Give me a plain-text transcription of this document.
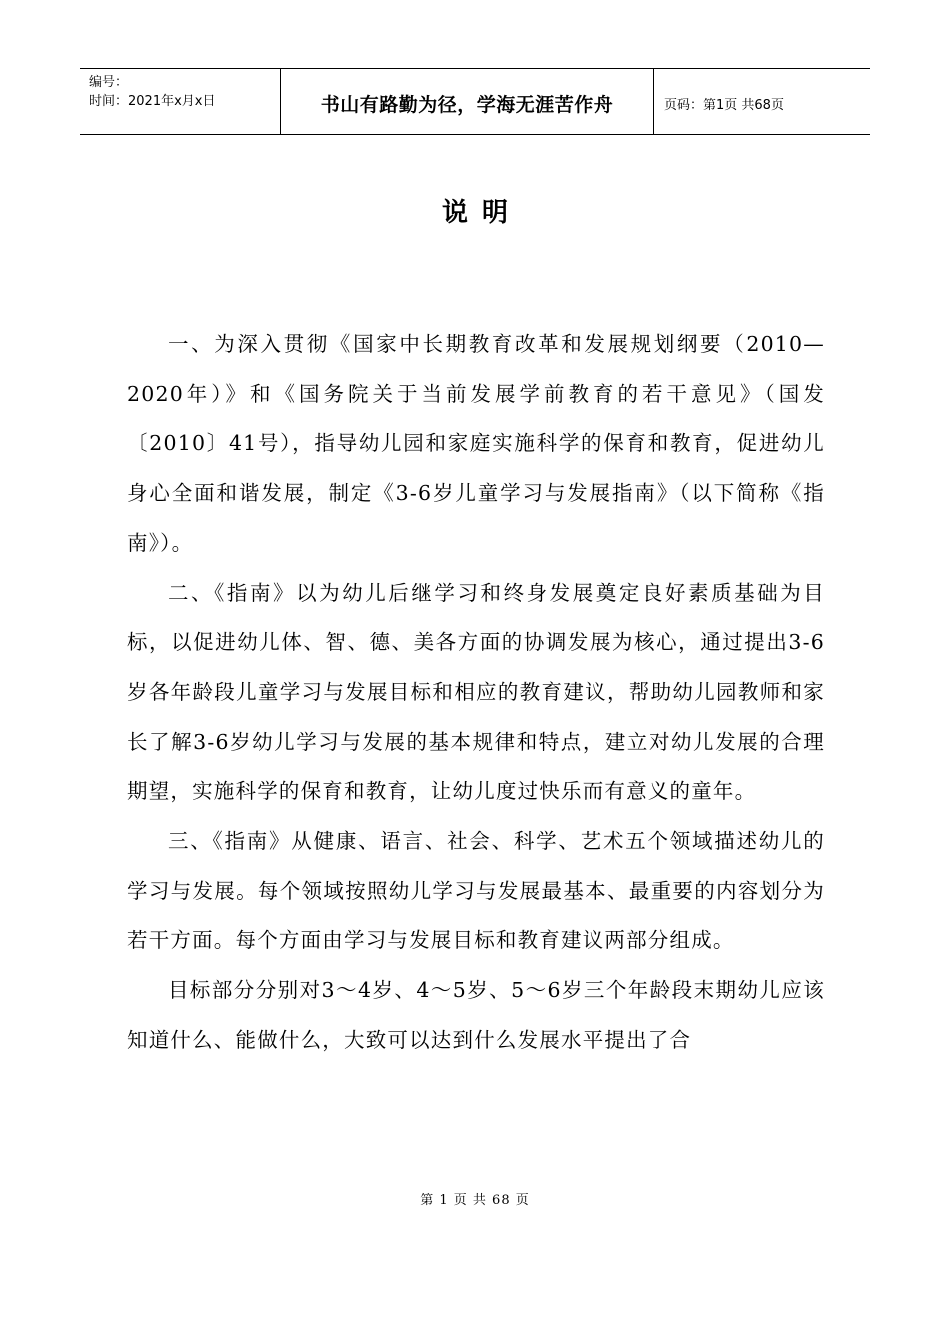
编号：
时间：2021年x月x日	书山有路勤为径，学海无涯苦作舟	页码：第1页 共68页
说明

一、为深入贯彻《国家中长期教育改革和发展规划纲要（2010—2020年）》和《国务院关于当前发展学前教育的若干意见》（国发〔2010〕41号），指导幼儿园和家庭实施科学的保育和教育，促进幼儿身心全面和谐发展，制定《3-6岁儿童学习与发展指南》（以下简称《指南》）。

二、《指南》以为幼儿后继学习和终身发展奠定良好素质基础为目标，以促进幼儿体、智、德、美各方面的协调发展为核心，通过提出3-6岁各年龄段儿童学习与发展目标和相应的教育建议，帮助幼儿园教师和家长了解3-6岁幼儿学习与发展的基本规律和特点，建立对幼儿发展的合理期望，实施科学的保育和教育，让幼儿度过快乐而有意义的童年。

三、《指南》从健康、语言、社会、科学、艺术五个领域描述幼儿的学习与发展。每个领域按照幼儿学习与发展最基本、最重要的内容划分为若干方面。每个方面由学习与发展目标和教育建议两部分组成。

目标部分分别对3～4岁、4～5岁、5～6岁三个年龄段末期幼儿应该知道什么、能做什么，大致可以达到什么发展水平提出了合

第 1 页 共 68 页
